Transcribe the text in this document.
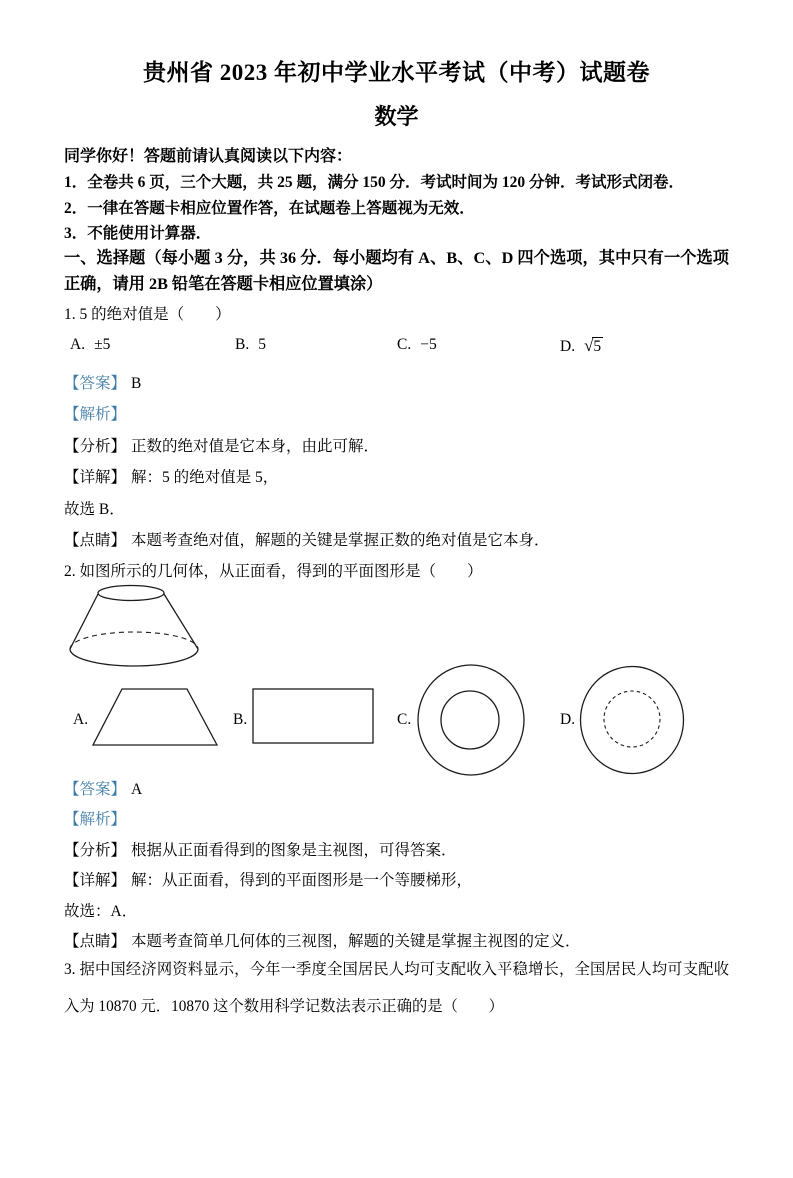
贵州省 2023 年初中学业水平考试（中考）试题卷
数学

同学你好！答题前请认真阅读以下内容：

1．全卷共 6 页，三个大题，共 25 题，满分 150 分．考试时间为 120 分钟．考试形式闭卷．

2．一律在答题卡相应位置作答，在试题卷上答题视为无效．

3．不能使用计算器．

一、选择题（每小题 3 分，共 36 分．每小题均有 A、B、C、D 四个选项，其中只有一个选项正确，请用 2B 铅笔在答题卡相应位置填涂）

1. 5 的绝对值是（　　）

A. ±5	B. 5	C. −5	D. √5

【答案】 B

【解析】

【分析】 正数的绝对值是它本身，由此可解．

【详解】 解：5 的绝对值是 5，

故选 B．

【点睛】 本题考查绝对值，解题的关键是掌握正数的绝对值是它本身．

2. 如图所示的几何体，从正面看，得到的平面图形是（　　）

A.	B.	C.	D.

【答案】 A

【解析】

【分析】 根据从正面看得到的图象是主视图，可得答案．

【详解】 解：从正面看，得到的平面图形是一个等腰梯形，

故选：A．

【点睛】 本题考查简单几何体的三视图，解题的关键是掌握主视图的定义．

3. 据中国经济网资料显示，今年一季度全国居民人均可支配收入平稳增长，全国居民人均可支配收入为 10870 元．10870 这个数用科学记数法表示正确的是（　　）
